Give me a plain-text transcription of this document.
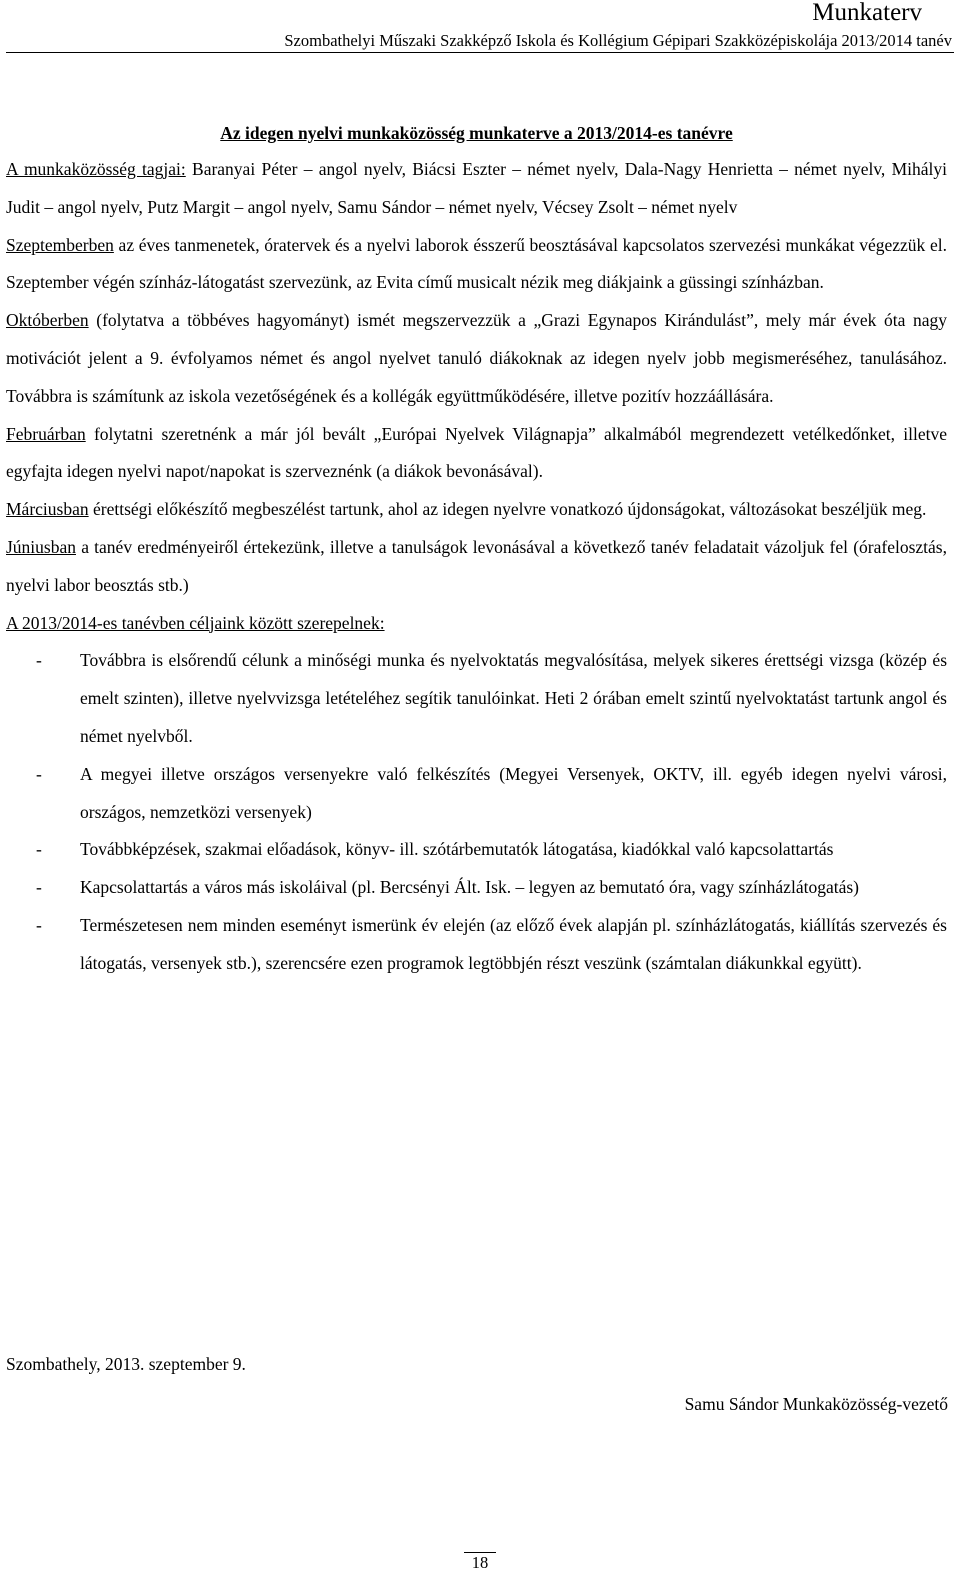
Munkaterv
Szombathelyi Műszaki Szakképző Iskola és Kollégium Gépipari Szakközépiskolája 2013/2014 tanév
Az idegen nyelvi munkaközösség munkaterve a 2013/2014-es tanévre

A munkaközösség tagjai: Baranyai Péter – angol nyelv, Biácsi Eszter – német nyelv, Dala-Nagy Henrietta – német nyelv, Mihályi Judit – angol nyelv, Putz Margit – angol nyelv, Samu Sándor – német nyelv, Vécsey Zsolt – német nyelv

Szeptemberben az éves tanmenetek, óratervek és a nyelvi laborok ésszerű beosztásával kapcsolatos szervezési munkákat végezzük el. Szeptember végén színház-látogatást szervezünk, az Evita című musicalt nézik meg diákjaink a güssingi színházban.

Októberben (folytatva a többéves hagyományt) ismét megszervezzük a „Grazi Egynapos Kirándulást”, mely már évek óta nagy motivációt jelent a 9. évfolyamos német és angol nyelvet tanuló diákoknak az idegen nyelv jobb megismeréséhez, tanulásához. Továbbra is számítunk az iskola vezetőségének és a kollégák együttműködésére, illetve pozitív hozzáállására.

Februárban folytatni szeretnénk a már jól bevált „Európai Nyelvek Világnapja” alkalmából megrendezett vetélkedőnket, illetve egyfajta idegen nyelvi napot/napokat is szerveznénk (a diákok bevonásával).

Márciusban érettségi előkészítő megbeszélést tartunk, ahol az idegen nyelvre vonatkozó újdonságokat, változásokat beszéljük meg.

Júniusban a tanév eredményeiről értekezünk, illetve a tanulságok levonásával a következő tanév feladatait vázoljuk fel (órafelosztás, nyelvi labor beosztás stb.)

A 2013/2014-es tanévben céljaink között szerepelnek:

- Továbbra is elsőrendű célunk a minőségi munka és nyelvoktatás megvalósítása, melyek sikeres érettségi vizsga (közép és emelt szinten), illetve nyelvvizsga letételéhez segítik tanulóinkat. Heti 2 órában emelt szintű nyelvoktatást tartunk angol és német nyelvből.
- A megyei illetve országos versenyekre való felkészítés (Megyei Versenyek, OKTV, ill. egyéb idegen nyelvi városi, országos, nemzetközi versenyek)
- Továbbképzések, szakmai előadások, könyv- ill. szótárbemutatók látogatása, kiadókkal való kapcsolattartás
- Kapcsolattartás a város más iskoláival (pl. Bercsényi Ált. Isk. – legyen az bemutató óra, vagy színházlátogatás)
- Természetesen nem minden eseményt ismerünk év elején (az előző évek alapján pl. színházlátogatás, kiállítás szervezés és látogatás, versenyek stb.), szerencsére ezen programok legtöbbjén részt veszünk (számtalan diákunkkal együtt).
Szombathely, 2013. szeptember 9.
Samu Sándor Munkaközösség-vezető
18
